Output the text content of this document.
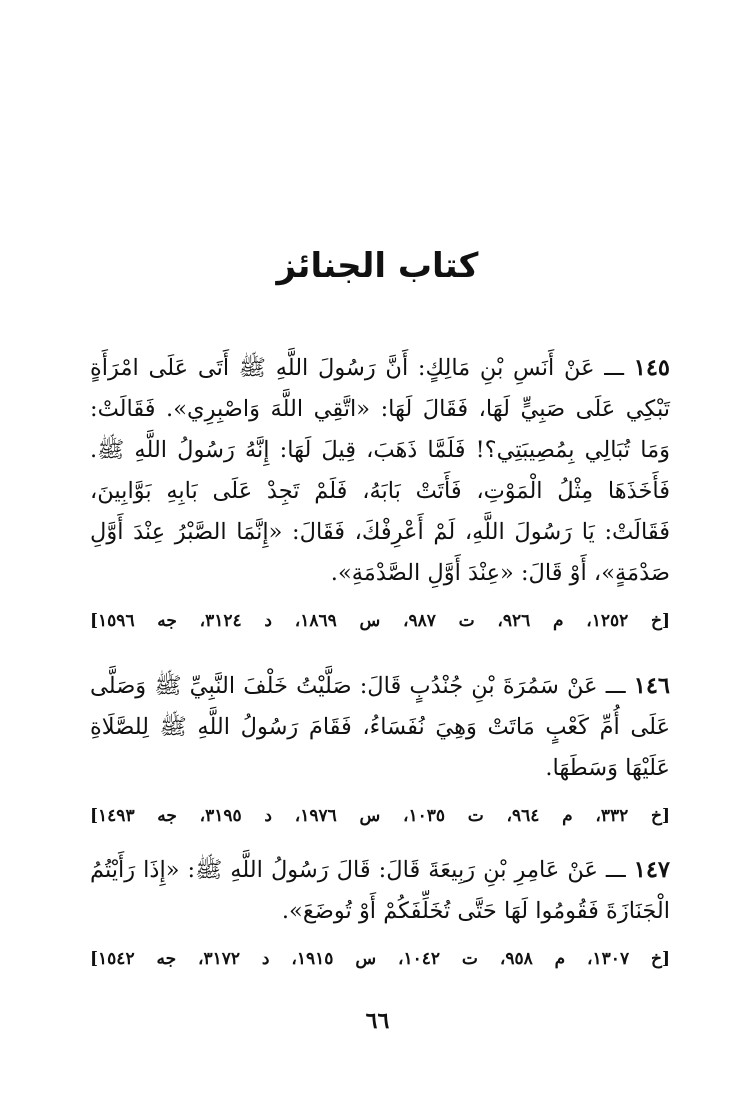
كتاب الجنائز

١٤٥ ـــ عَنْ أَنَسِ بْنِ مَالِكٍ: أَنَّ رَسُولَ اللَّهِ ﷺ أَتَى عَلَى امْرَأَةٍ تَبْكِي عَلَى صَبِيٍّ لَهَا، فَقَالَ لَهَا: «اتَّقِي اللَّهَ وَاصْبِرِي». فَقَالَتْ: وَمَا تُبَالِي بِمُصِيبَتِي؟! فَلَمَّا ذَهَبَ، قِيلَ لَهَا: إِنَّهُ رَسُولُ اللَّهِ ﷺ. فَأَخَذَهَا مِثْلُ الْمَوْتِ، فَأَتَتْ بَابَهُ، فَلَمْ تَجِدْ عَلَى بَابِهِ بَوَّابِينَ، فَقَالَتْ: يَا رَسُولَ اللَّهِ، لَمْ أَعْرِفْكَ، فَقَالَ: «إِنَّمَا الصَّبْرُ عِنْدَ أَوَّلِ صَدْمَةٍ»، أَوْ قَالَ: «عِنْدَ أَوَّلِ الصَّدْمَةِ».

[خ ١٢٥٢، م ٩٢٦، ت ٩٨٧، س ١٨٦٩، د ٣١٢٤، جه ١٥٩٦]

١٤٦ ـــ عَنْ سَمُرَةَ بْنِ جُنْدُبٍ قَالَ: صَلَّيْتُ خَلْفَ النَّبِيِّ ﷺ وَصَلَّى عَلَى أُمِّ كَعْبٍ مَاتَتْ وَهِيَ نُفَسَاءُ، فَقَامَ رَسُولُ اللَّهِ ﷺ لِلصَّلَاةِ عَلَيْهَا وَسَطَهَا.

[خ ٣٣٢، م ٩٦٤، ت ١٠٣٥، س ١٩٧٦، د ٣١٩٥، جه ١٤٩٣]

١٤٧ ـــ عَنْ عَامِرِ بْنِ رَبِيعَةَ قَالَ: قَالَ رَسُولُ اللَّهِ ﷺ: «إِذَا رَأَيْتُمُ الْجَنَازَةَ فَقُومُوا لَهَا حَتَّى تُخَلِّفَكُمْ أَوْ تُوضَعَ».

[خ ١٣٠٧، م ٩٥٨، ت ١٠٤٢، س ١٩١٥، د ٣١٧٢، جه ١٥٤٢]
٦٦
